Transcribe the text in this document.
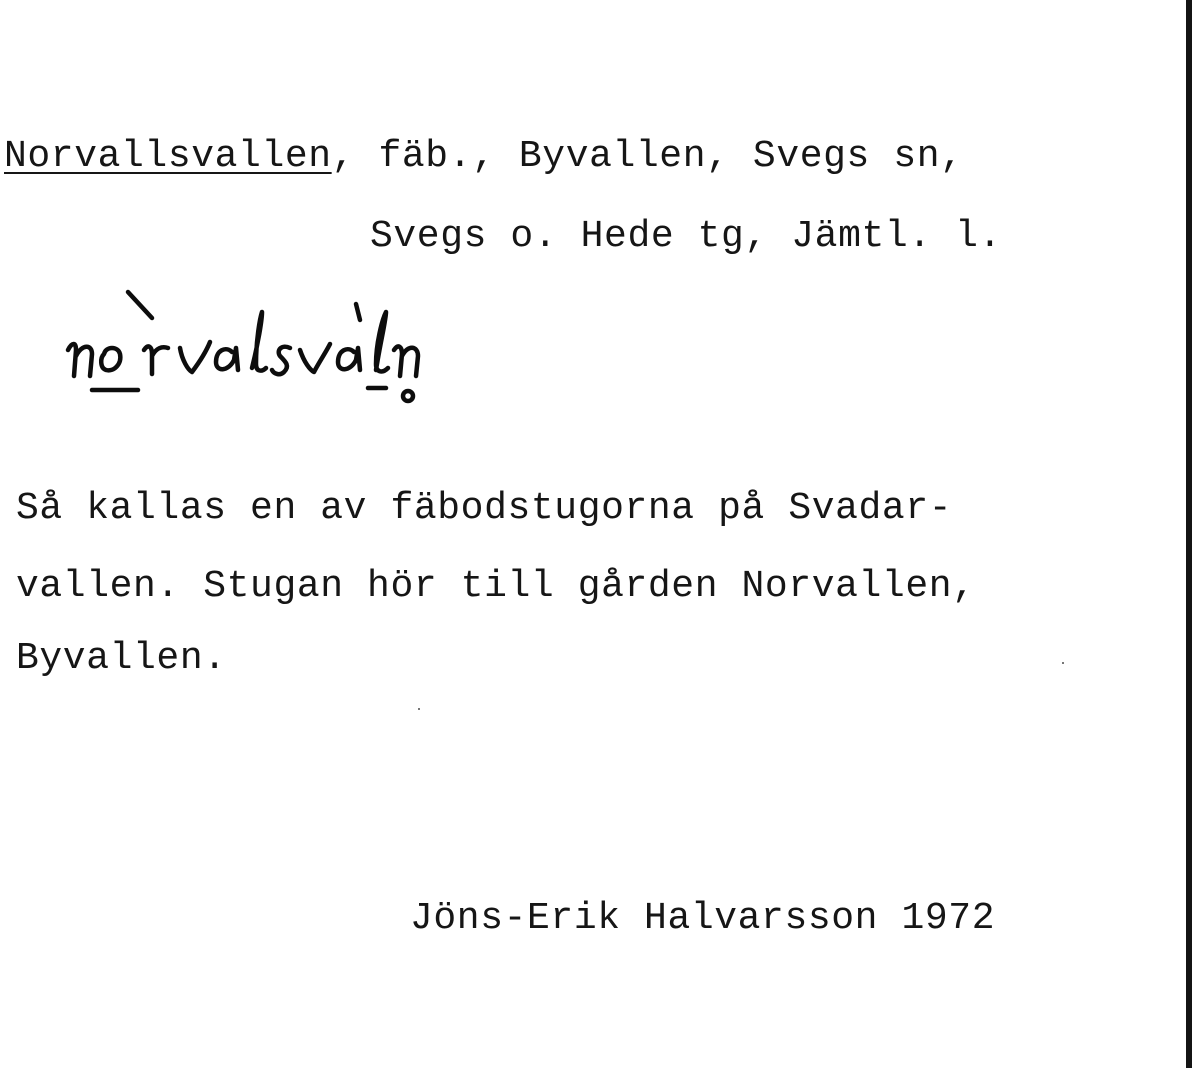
Norvallsvallen, fäb., Byvallen, Svegs sn,
Svegs o. Hede tg, Jämtl. l.
Så kallas en av fäbodstugorna på Svadar-
vallen. Stugan hör till gården Norvallen,
Byvallen.
Jöns-Erik Halvarsson 1972
